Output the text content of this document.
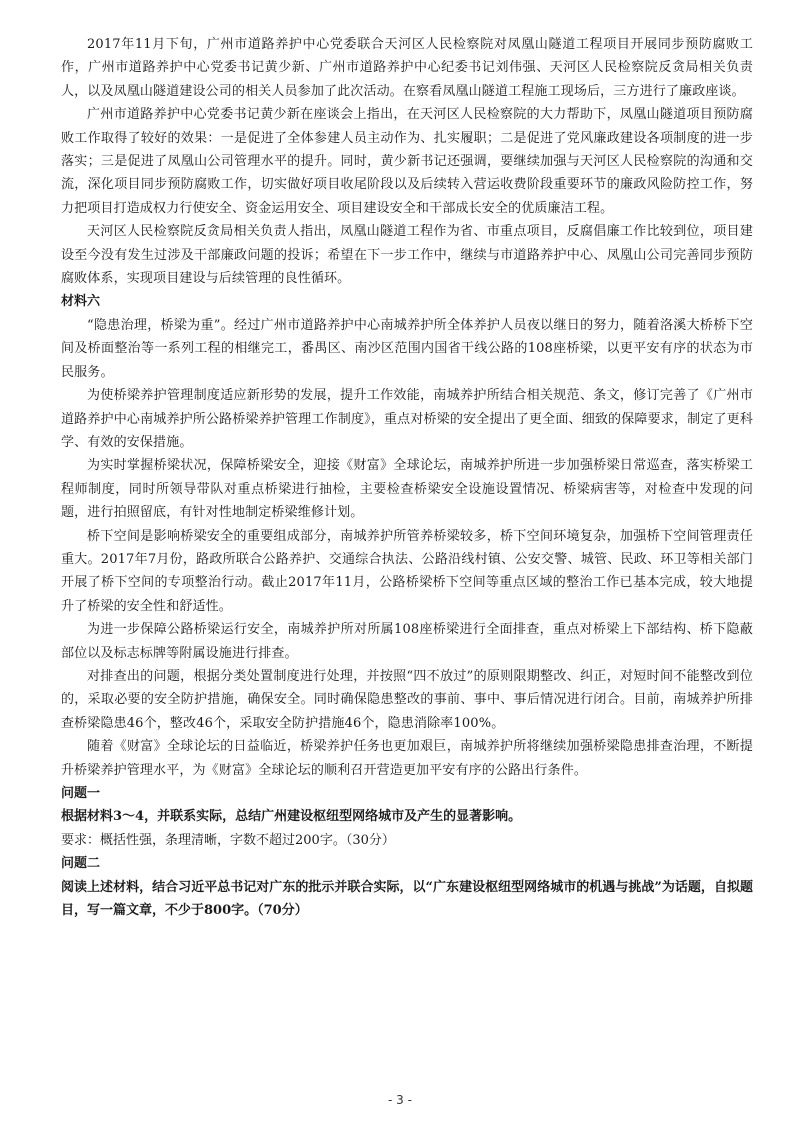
2017年11月下旬，广州市道路养护中心党委联合天河区人民检察院对凤凰山隧道工程项目开展同步预防腐败工作，广州市道路养护中心党委书记黄少新、广州市道路养护中心纪委书记刘伟强、天河区人民检察院反贪局相关负责人，以及凤凰山隧道建设公司的相关人员参加了此次活动。在察看凤凰山隧道工程施工现场后，三方进行了廉政座谈。

广州市道路养护中心党委书记黄少新在座谈会上指出，在天河区人民检察院的大力帮助下，凤凰山隧道项目预防腐败工作取得了较好的效果：一是促进了全体参建人员主动作为、扎实履职；二是促进了党风廉政建设各项制度的进一步落实；三是促进了凤凰山公司管理水平的提升。同时，黄少新书记还强调，要继续加强与天河区人民检察院的沟通和交流，深化项目同步预防腐败工作，切实做好项目收尾阶段以及后续转入营运收费阶段重要环节的廉政风险防控工作，努力把项目打造成权力行使安全、资金运用安全、项目建设安全和干部成长安全的优质廉洁工程。

天河区人民检察院反贪局相关负责人指出，凤凰山隧道工程作为省、市重点项目，反腐倡廉工作比较到位，项目建设至今没有发生过涉及干部廉政问题的投诉；希望在下一步工作中，继续与市道路养护中心、凤凰山公司完善同步预防腐败体系，实现项目建设与后续管理的良性循环。

材料六

“隐患治理，桥梁为重”。经过广州市道路养护中心南城养护所全体养护人员夜以继日的努力，随着洛溪大桥桥下空间及桥面整治等一系列工程的相继完工，番禺区、南沙区范围内国省干线公路的108座桥梁，以更平安有序的状态为市民服务。

为使桥梁养护管理制度适应新形势的发展，提升工作效能，南城养护所结合相关规范、条文，修订完善了《广州市道路养护中心南城养护所公路桥梁养护管理工作制度》，重点对桥梁的安全提出了更全面、细致的保障要求，制定了更科学、有效的安保措施。

为实时掌握桥梁状况，保障桥梁安全，迎接《财富》全球论坛，南城养护所进一步加强桥梁日常巡查，落实桥梁工程师制度，同时所领导带队对重点桥梁进行抽检，主要检查桥梁安全设施设置情况、桥梁病害等，对检查中发现的问题，进行拍照留底，有针对性地制定桥梁维修计划。

桥下空间是影响桥梁安全的重要组成部分，南城养护所管养桥梁较多，桥下空间环境复杂，加强桥下空间管理责任重大。2017年7月份，路政所联合公路养护、交通综合执法、公路沿线村镇、公安交警、城管、民政、环卫等相关部门开展了桥下空间的专项整治行动。截止2017年11月，公路桥梁桥下空间等重点区域的整治工作已基本完成，较大地提升了桥梁的安全性和舒适性。

为进一步保障公路桥梁运行安全，南城养护所对所属108座桥梁进行全面排查，重点对桥梁上下部结构、桥下隐蔽部位以及标志标牌等附属设施进行排查。

对排查出的问题，根据分类处置制度进行处理，并按照“四不放过”的原则限期整改、纠正，对短时间不能整改到位的，采取必要的安全防护措施，确保安全。同时确保隐患整改的事前、事中、事后情况进行闭合。目前，南城养护所排查桥梁隐患46个，整改46个，采取安全防护措施46个，隐患消除率100%。

随着《财富》全球论坛的日益临近，桥梁养护任务也更加艰巨，南城养护所将继续加强桥梁隐患排查治理，不断提升桥梁养护管理水平，为《财富》全球论坛的顺利召开营造更加平安有序的公路出行条件。

问题一

根据材料3～4，并联系实际，总结广州建设枢纽型网络城市及产生的显著影响。

要求：概括性强，条理清晰，字数不超过200字。（30分）

问题二

阅读上述材料，结合习近平总书记对广东的批示并联合实际，以“广东建设枢纽型网络城市的机遇与挑战”为话题，自拟题目，写一篇文章，不少于800字。（70分）

- 3 -
